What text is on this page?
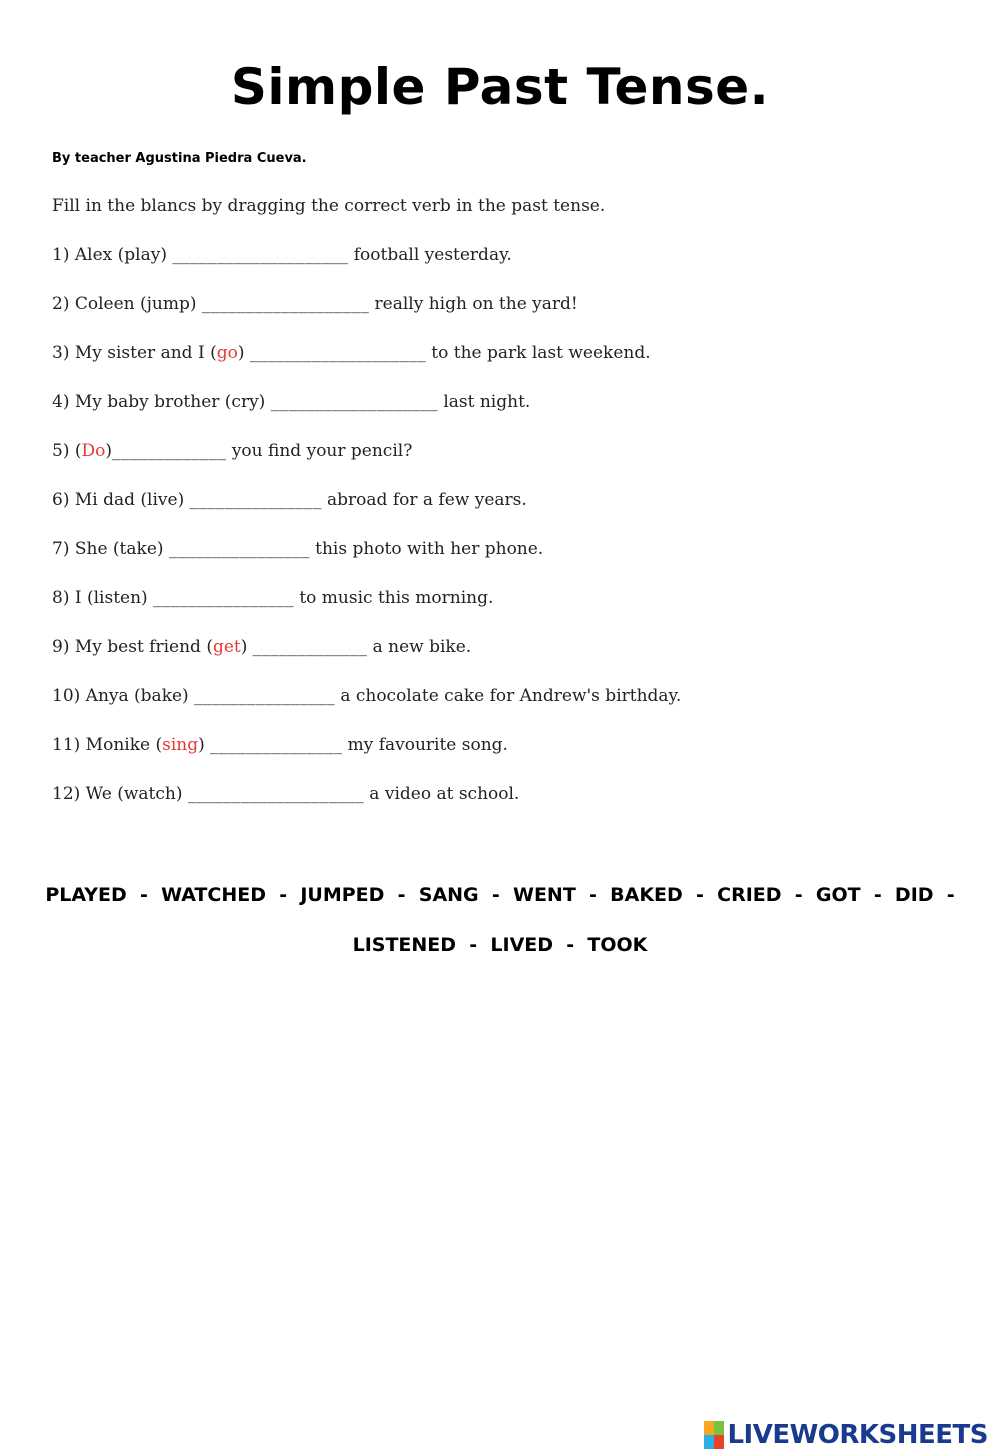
Simple Past Tense.
By teacher Agustina Piedra Cueva.
Fill in the blancs by dragging the correct verb in the past tense.
1) Alex (play) ____________________ football yesterday.
2) Coleen (jump) ___________________ really high on the yard!
3) My sister and I (go) ____________________ to the park last weekend.
4) My baby brother (cry) ___________________ last night.
5) (Do)_____________ you find your pencil?
6) Mi dad (live) _______________ abroad for a few years.
7) She (take) ________________ this photo with her phone.
8) I (listen) ________________ to music this morning.
9) My best friend (get) _____________ a new bike.
10) Anya (bake) ________________ a chocolate cake for Andrew's birthday.
11) Monike (sing) _______________ my favourite song.
12) We (watch) ____________________ a video at school.
PLAYED  -  WATCHED  -  JUMPED  -  SANG  -  WENT  -  BAKED  -  CRIED  -  GOT  -  DID  -
LISTENED  -  LIVED  -  TOOK
LIVEWORKSHEETS
